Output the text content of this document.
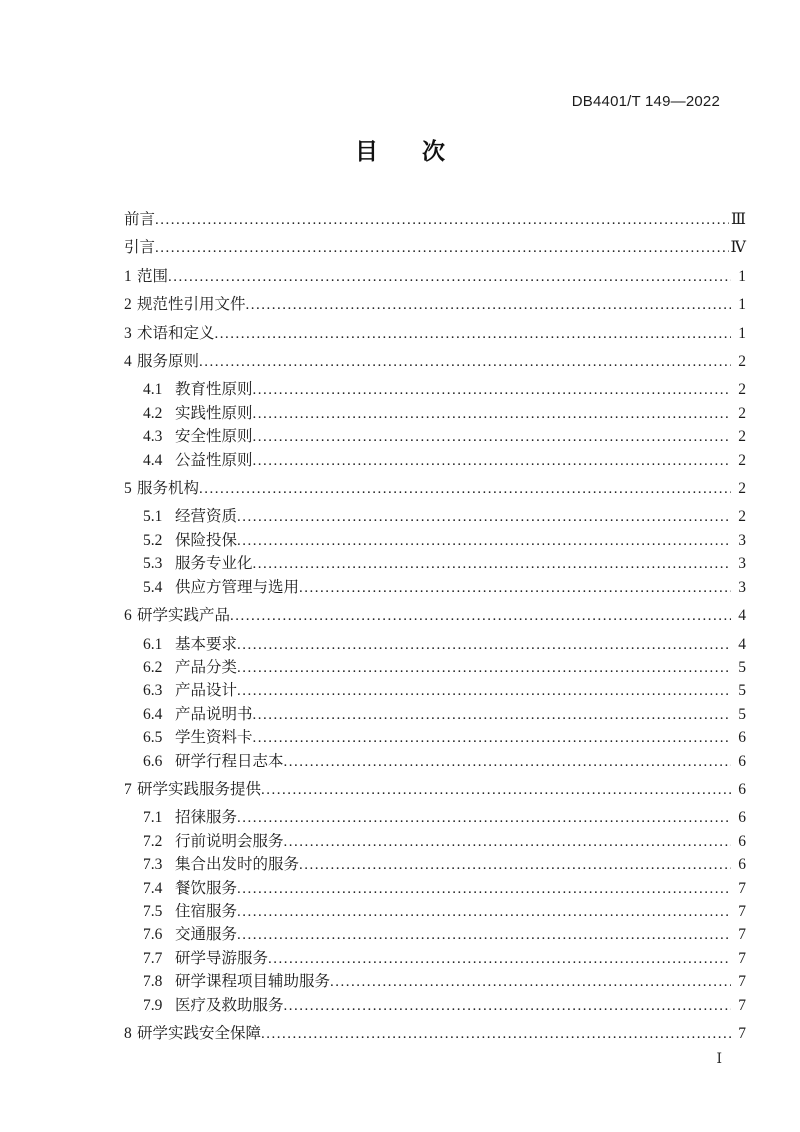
DB4401/T 149—2022
目 次
前言 .....	Ⅲ
引言 .....	Ⅳ
1 范围 .....	1
2 规范性引用文件 .....	1
3 术语和定义 .....	1
4 服务原则 .....	2
4.1 教育性原则 .....	2
4.2 实践性原则 .....	2
4.3 安全性原则 .....	2
4.4 公益性原则 .....	2
5 服务机构 .....	2
5.1 经营资质 .....	2
5.2 保险投保 .....	3
5.3 服务专业化 .....	3
5.4 供应方管理与选用 .....	3
6 研学实践产品 .....	4
6.1 基本要求 .....	4
6.2 产品分类 .....	5
6.3 产品设计 .....	5
6.4 产品说明书 .....	5
6.5 学生资料卡 .....	6
6.6 研学行程日志本 .....	6
7 研学实践服务提供 .....	6
7.1 招徕服务 .....	6
7.2 行前说明会服务 .....	6
7.3 集合出发时的服务 .....	6
7.4 餐饮服务 .....	7
7.5 住宿服务 .....	7
7.6 交通服务 .....	7
7.7 研学导游服务 .....	7
7.8 研学课程项目辅助服务 .....	7
7.9 医疗及救助服务 .....	7
8 研学实践安全保障 .....	7
Ⅰ
